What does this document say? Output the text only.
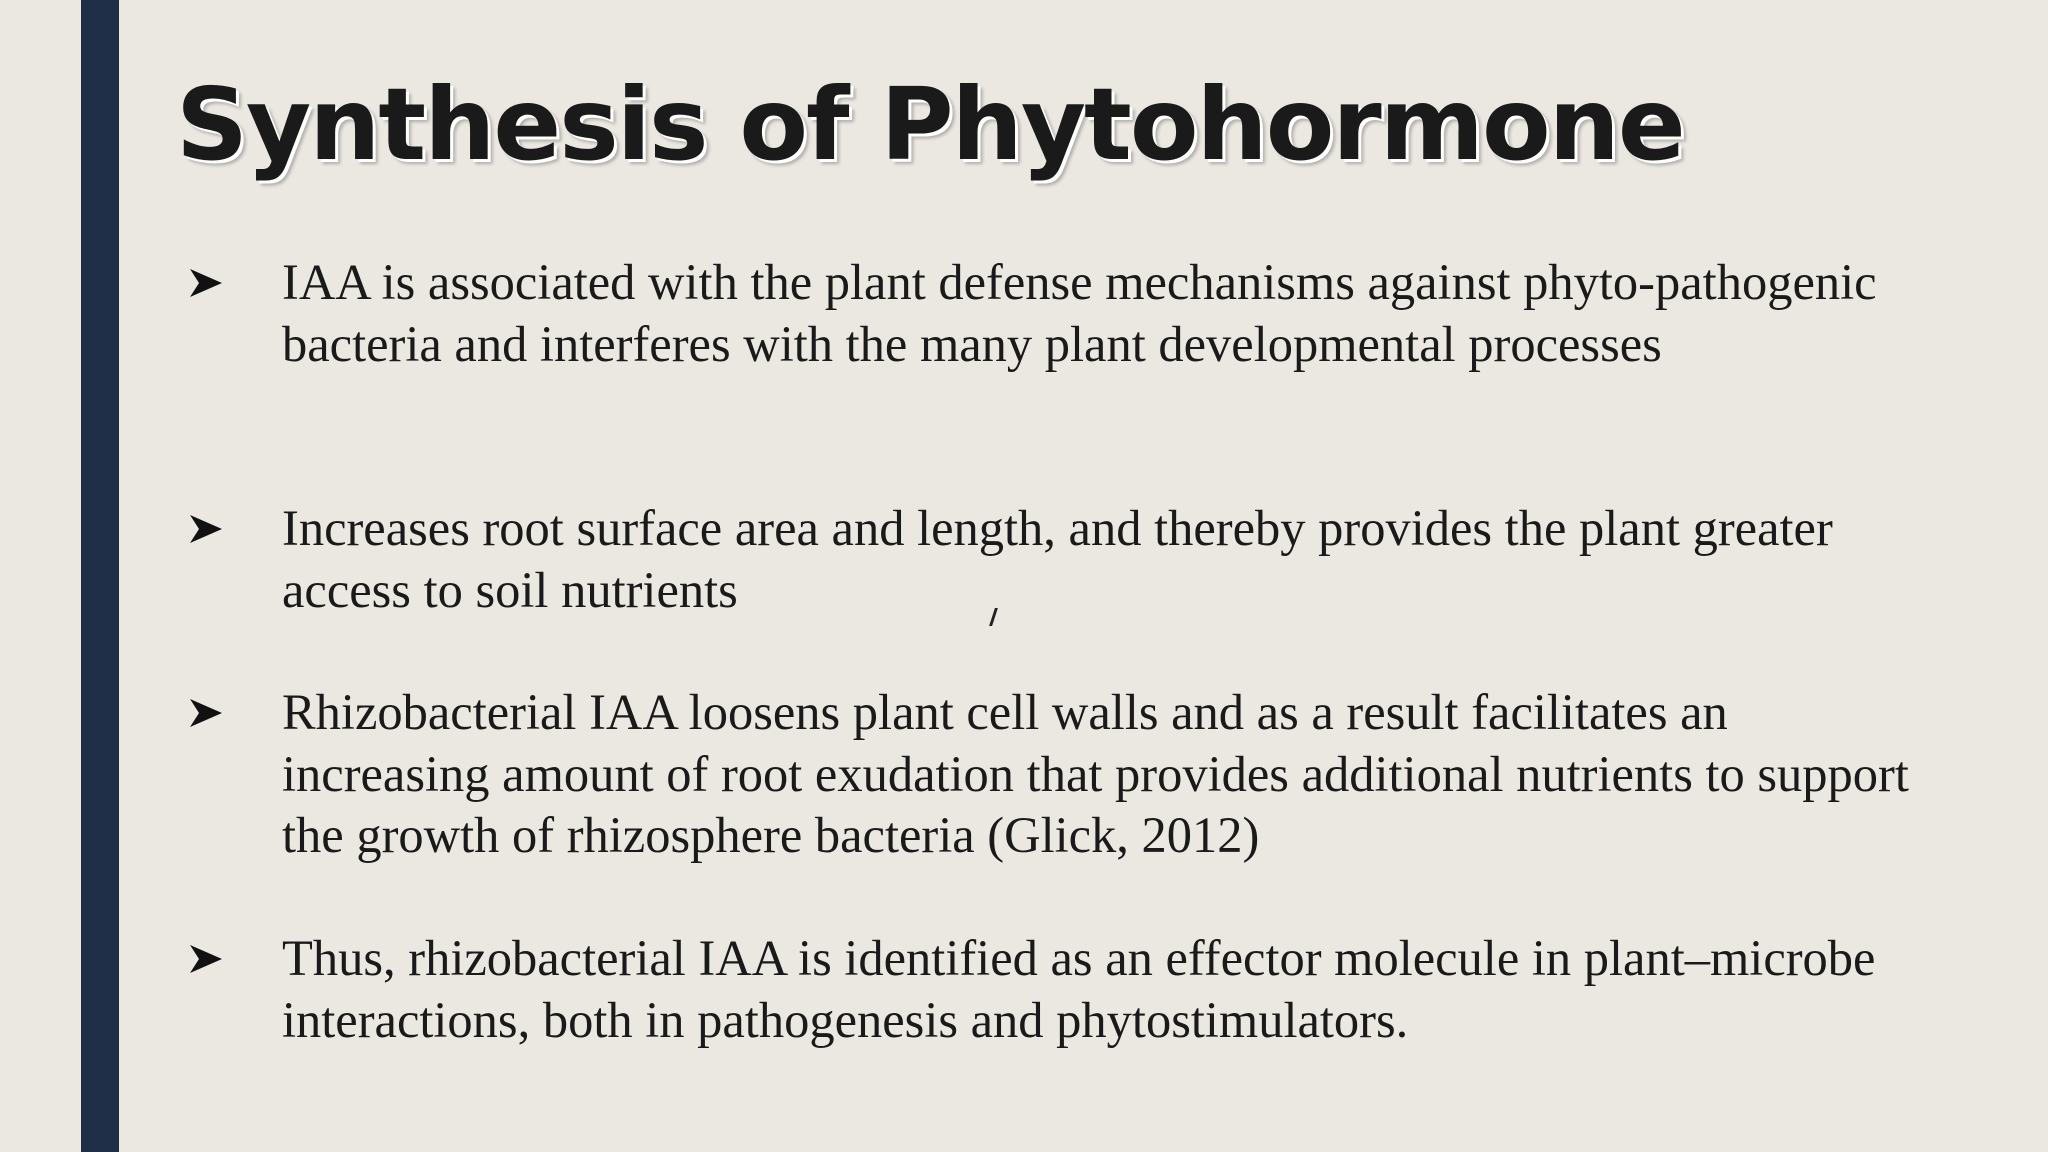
Synthesis of Phytohormone

IAA is associated with the plant defense mechanisms against phyto-pathogenic bacteria and interferes with the many plant developmental processes

Increases root surface area and length, and thereby provides the plant greater access to soil nutrients

Rhizobacterial IAA loosens plant cell walls and as a result facilitates an increasing amount of root exudation that provides additional nutrients to support the growth of rhizosphere bacteria (Glick, 2012)

Thus, rhizobacterial IAA is identified as an effector molecule in plant–microbe interactions, both in pathogenesis and phytostimulators.
